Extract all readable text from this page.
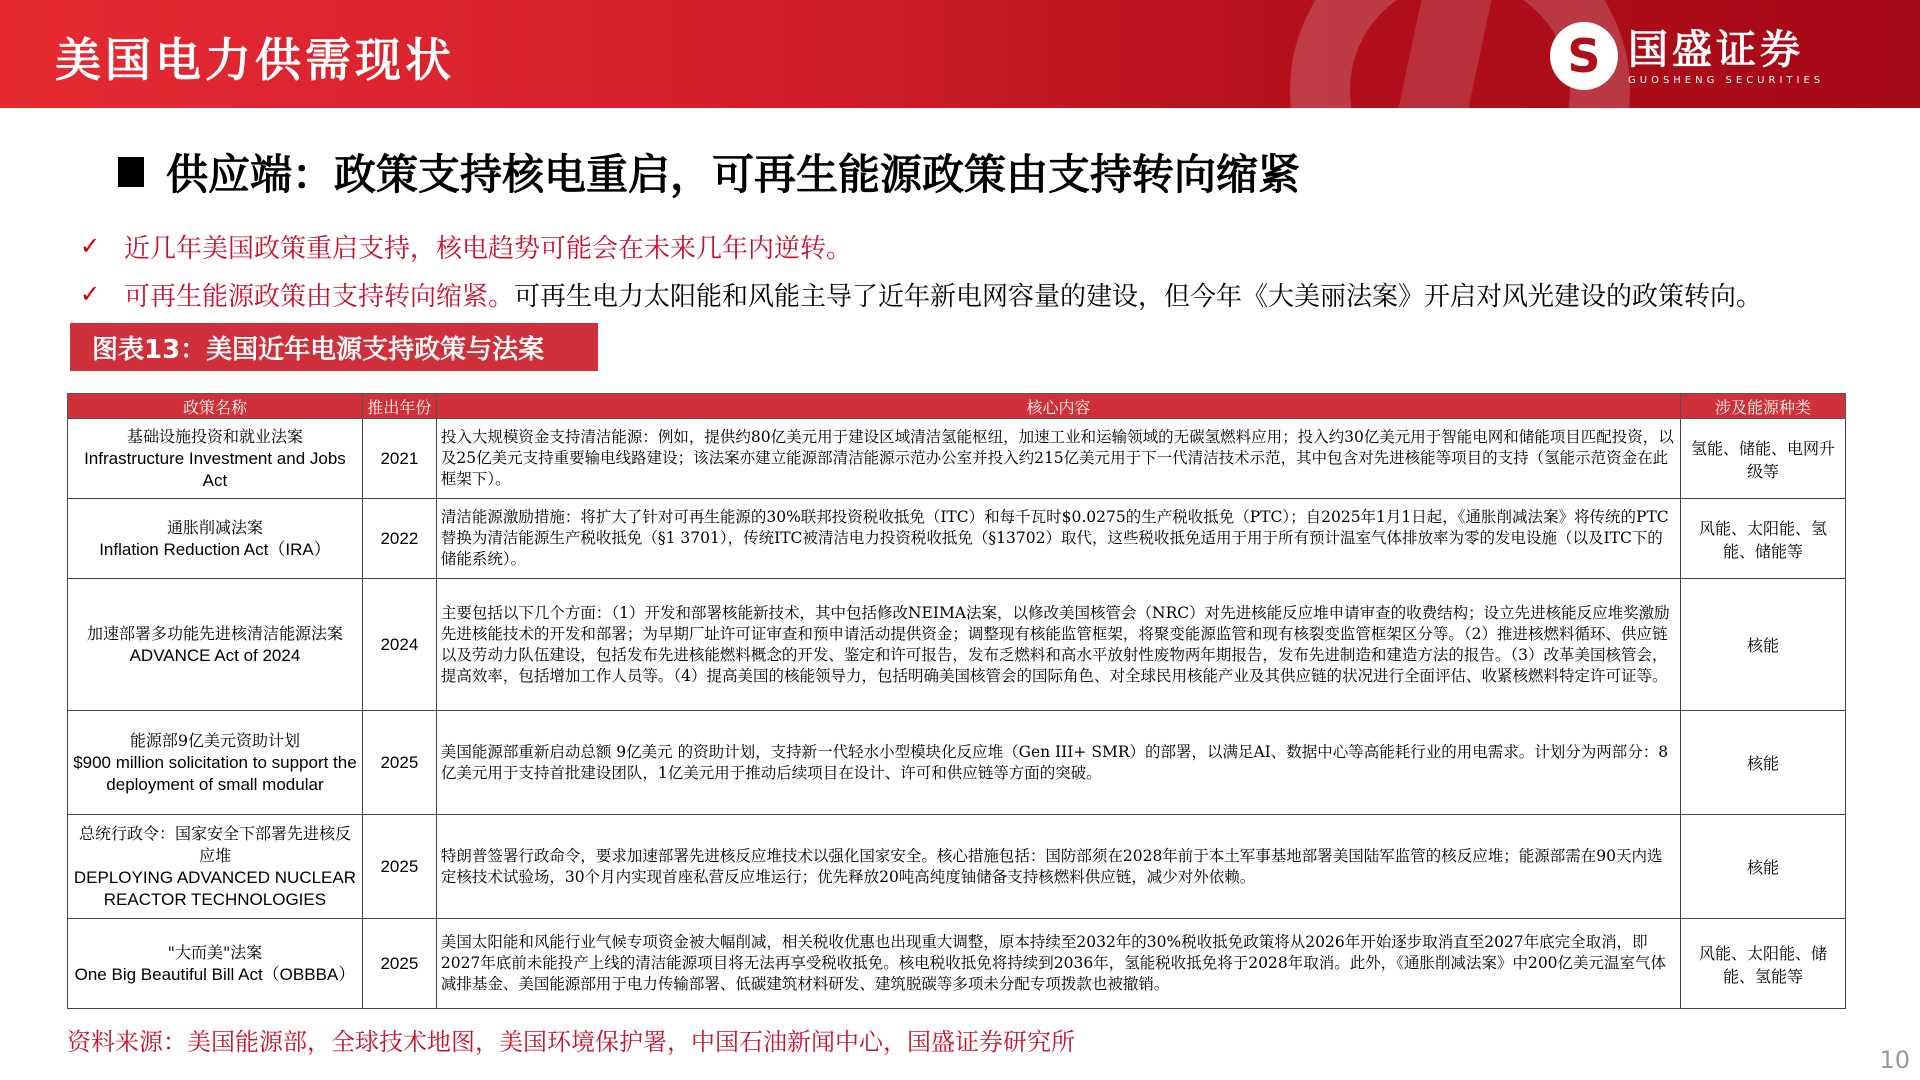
美国电力供需现状	S 国盛证券
GUOSHENG SECURITIES
供应端：政策支持核电重启，可再生能源政策由支持转向缩紧
✓ 近几年美国政策重启支持，核电趋势可能会在未来几年内逆转。
✓ 可再生能源政策由支持转向缩紧。 可再生电力太阳能和风能主导了近年新电网容量的建设，但今年《大美丽法案》开启对风光建设的政策转向。
图表13：美国近年电源支持政策与法案
政策名称	推出年份	核心内容	涉及能源种类

基础设施投资和就业法案
Infrastructure Investment and Jobs Act	2021	投入大规模资金支持清洁能源：例如，提供约80亿美元用于建设区域清洁氢能枢纽，加速工业和运输领域的无碳氢燃料应用；投入约30亿美元用于智能电网和储能项目匹配投资，以及25亿美元支持重要输电线路建设；该法案亦建立能源部清洁能源示范办公室并投入约215亿美元用于下一代清洁技术示范，其中包含对先进核能等项目的支持（氢能示范资金在此框架下）。	氢能、储能、电网升级等

通胀削减法案
Inflation Reduction Act（IRA）	2022	清洁能源激励措施：将扩大了针对可再生能源的30%联邦投资税收抵免（ITC）和每千瓦时$0.0275的生产税收抵免（PTC）；自2025年1月1日起，《通胀削减法案》将传统的PTC替换为清洁能源生产税收抵免（§1 3701），传统ITC被清洁电力投资税收抵免（§13702）取代，这些税收抵免适用于用于所有预计温室气体排放率为零的发电设施（以及ITC下的储能系统）。	风能、太阳能、氢能、储能等

加速部署多功能先进核清洁能源法案
ADVANCE Act of 2024	2024	主要包括以下几个方面：（1）开发和部署核能新技术，其中包括修改NEIMA法案，以修改美国核管会（NRC）对先进核能反应堆申请审查的收费结构；设立先进核能反应堆奖激励先进核能技术的开发和部署；为早期厂址许可证审查和预申请活动提供资金；调整现有核能监管框架，将聚变能源监管和现有核裂变监管框架区分等。（2）推进核燃料循环、供应链以及劳动力队伍建设，包括发布先进核能燃料概念的开发、鉴定和许可报告，发布乏燃料和高水平放射性废物两年期报告，发布先进制造和建造方法的报告。（3）改革美国核管会，提高效率，包括增加工作人员等。（4）提高美国的核能领导力，包括明确美国核管会的国际角色、对全球民用核能产业及其供应链的状况进行全面评估、收紧核燃料特定许可证等。	核能

能源部9亿美元资助计划
$900 million solicitation to support the deployment of small modular	2025	美国能源部重新启动总额 9亿美元 的资助计划，支持新一代轻水小型模块化反应堆（Gen III+ SMR）的部署，以满足AI、数据中心等高能耗行业的用电需求。计划分为两部分：8亿美元用于支持首批建设团队，1亿美元用于推动后续项目在设计、许可和供应链等方面的突破。	核能

总统行政令：国家安全下部署先进核反应堆
DEPLOYING ADVANCED NUCLEAR REACTOR TECHNOLOGIES	2025	特朗普签署行政命令，要求加速部署先进核反应堆技术以强化国家安全。核心措施包括：国防部须在2028年前于本土军事基地部署美国陆军监管的核反应堆；能源部需在90天内选定核技术试验场，30个月内实现首座私营反应堆运行；优先释放20吨高纯度铀储备支持核燃料供应链，减少对外依赖。	核能

"大而美"法案
One Big Beautiful Bill Act（OBBBA）	2025	美国太阳能和风能行业气候专项资金被大幅削减，相关税收优惠也出现重大调整，原本持续至2032年的30%税收抵免政策将从2026年开始逐步取消直至2027年底完全取消，即2027年底前未能投产上线的清洁能源项目将无法再享受税收抵免。核电税收抵免将持续到2036年，氢能税收抵免将于2028年取消。此外，《通胀削减法案》中200亿美元温室气体减排基金、美国能源部用于电力传输部署、低碳建筑材料研发、建筑脱碳等多项未分配专项拨款也被撤销。	风能、太阳能、储能、氢能等
资料来源：美国能源部，全球技术地图，美国环境保护署，中国石油新闻中心，国盛证券研究所
10
